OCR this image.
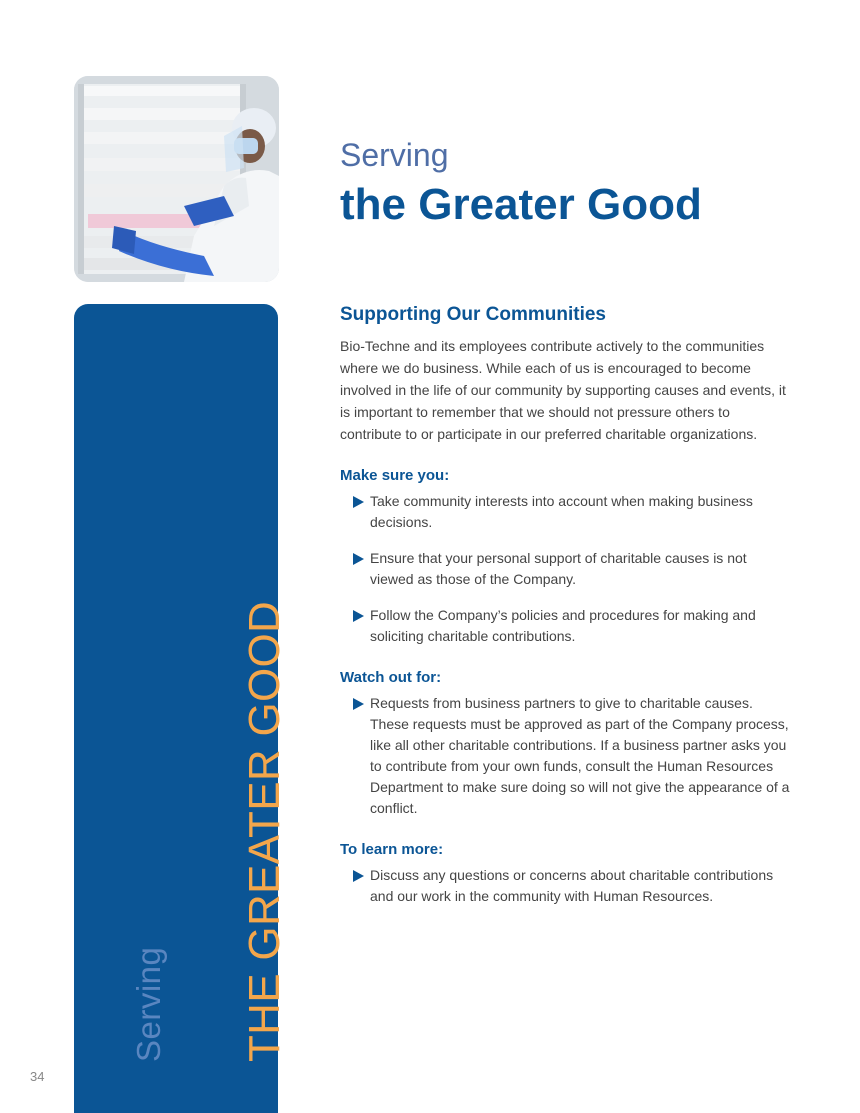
Serving THE GREATER GOOD
34
Serving
the Greater Good
Supporting Our Communities

Bio-Techne and its employees contribute actively to the communities where we do business. While each of us is encouraged to become involved in the life of our community by supporting causes and events, it is important to remember that we should not pressure others to contribute to or participate in our preferred charitable organizations.

Make sure you:
Take community interests into account when making business decisions.
Ensure that your personal support of charitable causes is not viewed as those of the Company.
Follow the Company’s policies and procedures for making and soliciting charitable contributions.
Watch out for:
Requests from business partners to give to charitable causes. These requests must be approved as part of the Company process, like all other charitable contributions. If a business partner asks you to contribute from your own funds, consult the Human Resources Department to make sure doing so will not give the appearance of a conflict.
To learn more:
Discuss any questions or concerns about charitable contributions and our work in the community with Human Resources.
